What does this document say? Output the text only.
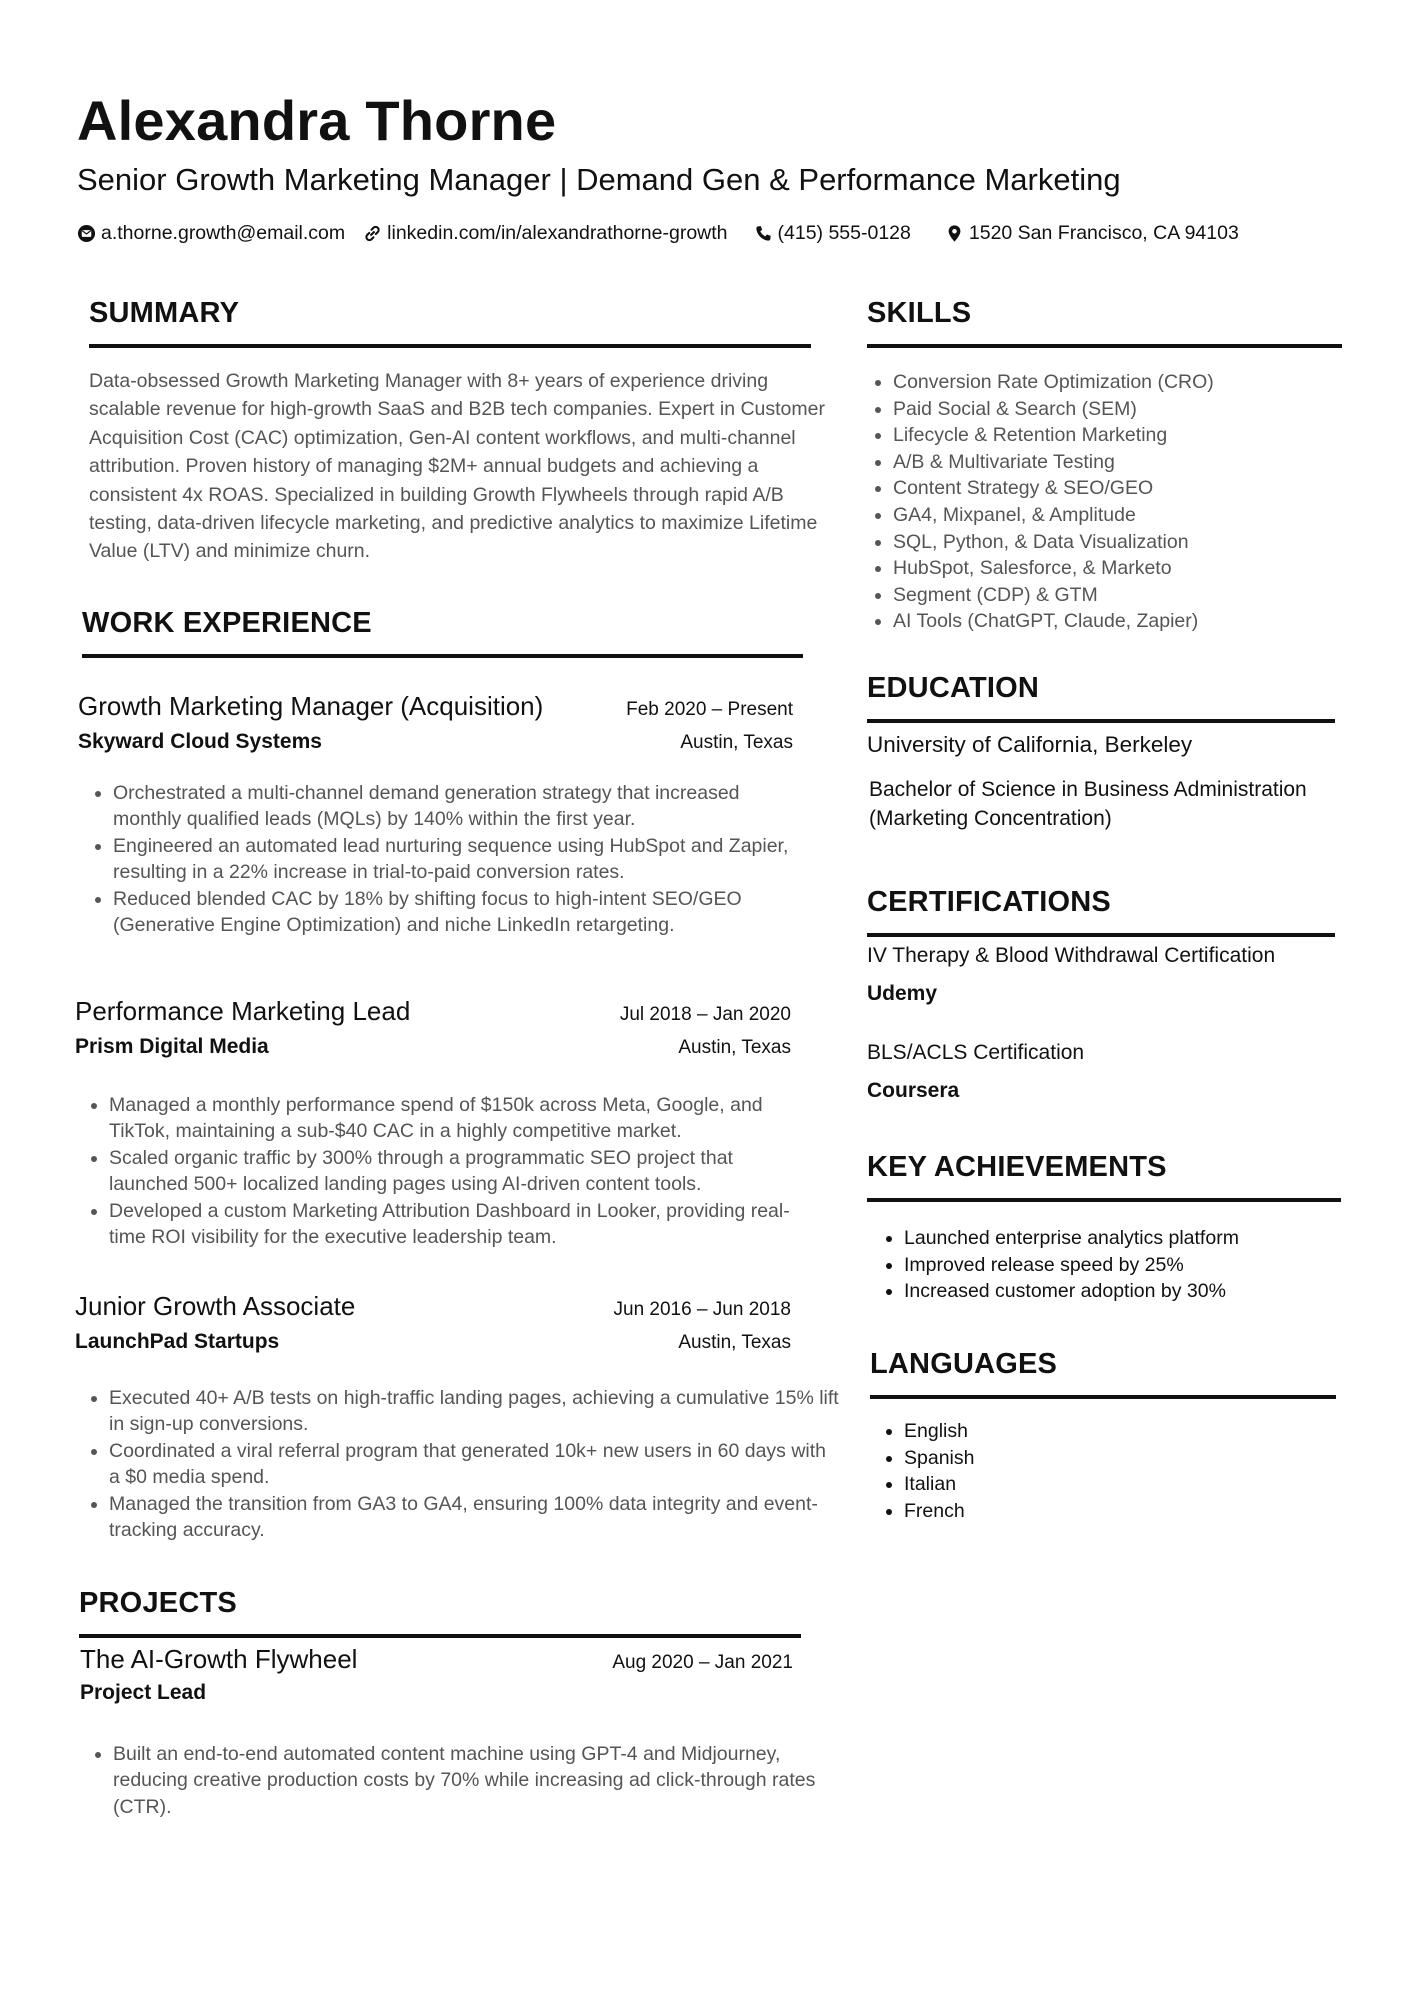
Alexandra Thorne
Senior Growth Marketing Manager | Demand Gen & Performance Marketing
a.thorne.growth@email.com linkedin.com/in/alexandrathorne-growth	(415) 555-0128	1520 San Francisco, CA 94103
SUMMARY
Data-obsessed Growth Marketing Manager with 8+ years of experience driving scalable revenue for high-growth SaaS and B2B tech companies. Expert in Customer Acquisition Cost (CAC) optimization, Gen-AI content workflows, and multi-channel attribution. Proven history of managing $2M+ annual budgets and achieving a consistent 4x ROAS. Specialized in building Growth Flywheels through rapid A/B testing, data-driven lifecycle marketing, and predictive analytics to maximize Lifetime Value (LTV) and minimize churn.
WORK EXPERIENCE
Growth Marketing Manager (Acquisition)	Feb 2020 – Present
Skyward Cloud Systems	Austin, Texas
• Orchestrated a multi-channel demand generation strategy that increased monthly qualified leads (MQLs) by 140% within the first year.
• Engineered an automated lead nurturing sequence using HubSpot and Zapier, resulting in a 22% increase in trial-to-paid conversion rates.
• Reduced blended CAC by 18% by shifting focus to high-intent SEO/GEO (Generative Engine Optimization) and niche LinkedIn retargeting.
Performance Marketing Lead	Jul 2018 – Jan 2020
Prism Digital Media	Austin, Texas
• Managed a monthly performance spend of $150k across Meta, Google, and TikTok, maintaining a sub-$40 CAC in a highly competitive market.
• Scaled organic traffic by 300% through a programmatic SEO project that launched 500+ localized landing pages using AI-driven content tools.
• Developed a custom Marketing Attribution Dashboard in Looker, providing real-time ROI visibility for the executive leadership team.
Junior Growth Associate	Jun 2016 – Jun 2018
LaunchPad Startups	Austin, Texas
• Executed 40+ A/B tests on high-traffic landing pages, achieving a cumulative 15% lift in sign-up conversions.
• Coordinated a viral referral program that generated 10k+ new users in 60 days with a $0 media spend.
• Managed the transition from GA3 to GA4, ensuring 100% data integrity and event-tracking accuracy.
PROJECTS
The AI-Growth Flywheel	Aug 2020 – Jan 2021
Project Lead
• Built an end-to-end automated content machine using GPT-4 and Midjourney, reducing creative production costs by 70% while increasing ad click-through rates (CTR).
SKILLS
• Conversion Rate Optimization (CRO)
• Paid Social & Search (SEM)
• Lifecycle & Retention Marketing
• A/B & Multivariate Testing
• Content Strategy & SEO/GEO
• GA4, Mixpanel, & Amplitude
• SQL, Python, & Data Visualization
• HubSpot, Salesforce, & Marketo
• Segment (CDP) & GTM
• AI Tools (ChatGPT, Claude, Zapier)
EDUCATION
University of California, Berkeley
Bachelor of Science in Business Administration (Marketing Concentration)
CERTIFICATIONS
IV Therapy & Blood Withdrawal Certification
Udemy
BLS/ACLS Certification
Coursera
KEY ACHIEVEMENTS
• Launched enterprise analytics platform
• Improved release speed by 25%
• Increased customer adoption by 30%
LANGUAGES
• English
• Spanish
• Italian
• French
